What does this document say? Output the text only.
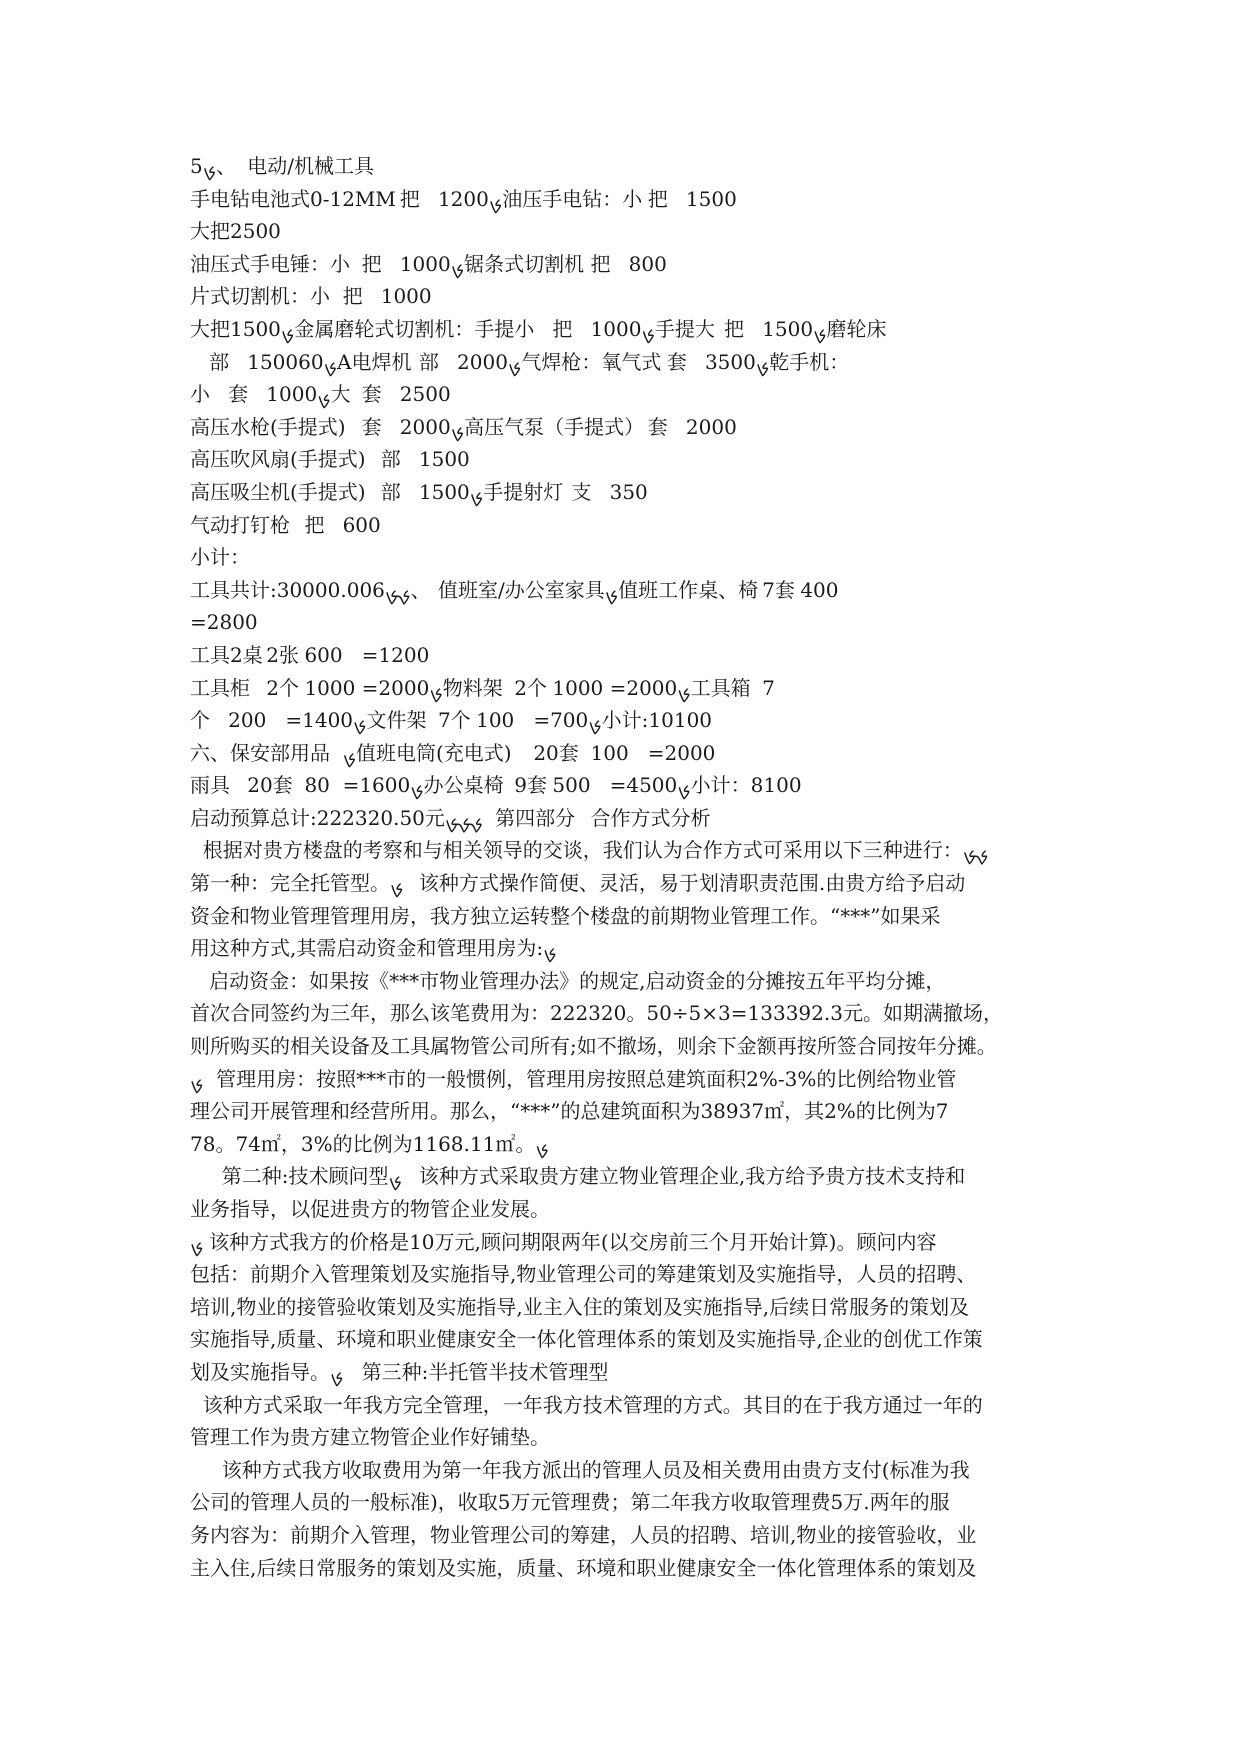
5ࡊ、	电动/机械工具
手电钻电池式0-12MM	把	1200ࡊ油压手电钻：小	把	1500
大把2500
油压式手电锤：小	把	1000ࡊ锯条式切割机	把	800
片式切割机：小	把	1000
大把1500ࡊ金属磨轮式切割机：手提小	把	1000ࡊ手提大	把	1500ࡊ磨轮床
	部	150060ࡊA电焊机	部	2000ࡊ气焊枪：氧气式	套	3500ࡊ乾手机：
小	套	1000ࡊ大	套	2500
高压水枪(手提式)	套	2000ࡊ高压气泵（手提式）	套	2000
高压吹风扇(手提式)	部	1500
高压吸尘机(手提式)	部	1500ࡊ手提射灯	支	350
气动打钉枪	把	600
小计：
工具共计:30000.006ࡊࡊ、	值班室/办公室家具ࡊ值班工作桌、椅	7套	400
=2800
工具2桌	2张	600	=1200
工具柜	2个	1000	=2000ࡊ物料架	2个	1000	=2000ࡊ工具箱	7
个	200	=1400ࡊ文件架	7个	100	=700ࡊ小计:10100
六、保安部用品	ࡊ值班电筒(充电式)	20套	100	=2000
雨具	20套	80	=1600ࡊ办公桌椅	9套	500	=4500ࡊ小计：8100
启动预算总计:222320.50元ࡊࡊࡊ	第四部分	合作方式分析
根据对贵方楼盘的考察和与相关领导的交谈，我们认为合作方式可采用以下三种进行：ࡊࡊ
第一种：完全托管型。ࡊ	该种方式操作简便、灵活，易于划清职责范围.由贵方给予启动
资金和物业管理管理用房，我方独立运转整个楼盘的前期物业管理工作。“***”如果采
用这种方式,其需启动资金和管理用房为:ࡊ
启动资金：如果按《***市物业管理办法》的规定,启动资金的分摊按五年平均分摊，
首次合同签约为三年，那么该笔费用为：222320。50÷5×3=133392.3元。如期满撤场，
则所购买的相关设备及工具属物管公司所有;如不撤场，则余下金额再按所签合同按年分摊。
ࡊ  管理用房：按照***市的一般惯例，管理用房按照总建筑面积2%-3%的比例给物业管
理公司开展管理和经营所用。那么，“***”的总建筑面积为38937㎡，其2%的比例为7
78。74㎡，3%的比例为1168.11㎡。ࡊ
第二种:技术顾问型ࡊ	该种方式采取贵方建立物业管理企业,我方给予贵方技术支持和
业务指导，以促进贵方的物管企业发展。
ࡊ	该种方式我方的价格是10万元,顾问期限两年(以交房前三个月开始计算)。顾问内容
包括：前期介入管理策划及实施指导,物业管理公司的筹建策划及实施指导，人员的招聘、
培训,物业的接管验收策划及实施指导,业主入住的策划及实施指导,后续日常服务的策划及
实施指导,质量、环境和职业健康安全一体化管理体系的策划及实施指导,企业的创优工作策
划及实施指导。ࡊ	第三种:半托管半技术管理型
该种方式采取一年我方完全管理，一年我方技术管理的方式。其目的在于我方通过一年的
管理工作为贵方建立物管企业作好铺垫。
该种方式我方收取费用为第一年我方派出的管理人员及相关费用由贵方支付(标准为我
公司的管理人员的一般标准)，收取5万元管理费；第二年我方收取管理费5万.两年的服
务内容为：前期介入管理，物业管理公司的筹建，人员的招聘、培训,物业的接管验收，业
主入住,后续日常服务的策划及实施，质量、环境和职业健康安全一体化管理体系的策划及
